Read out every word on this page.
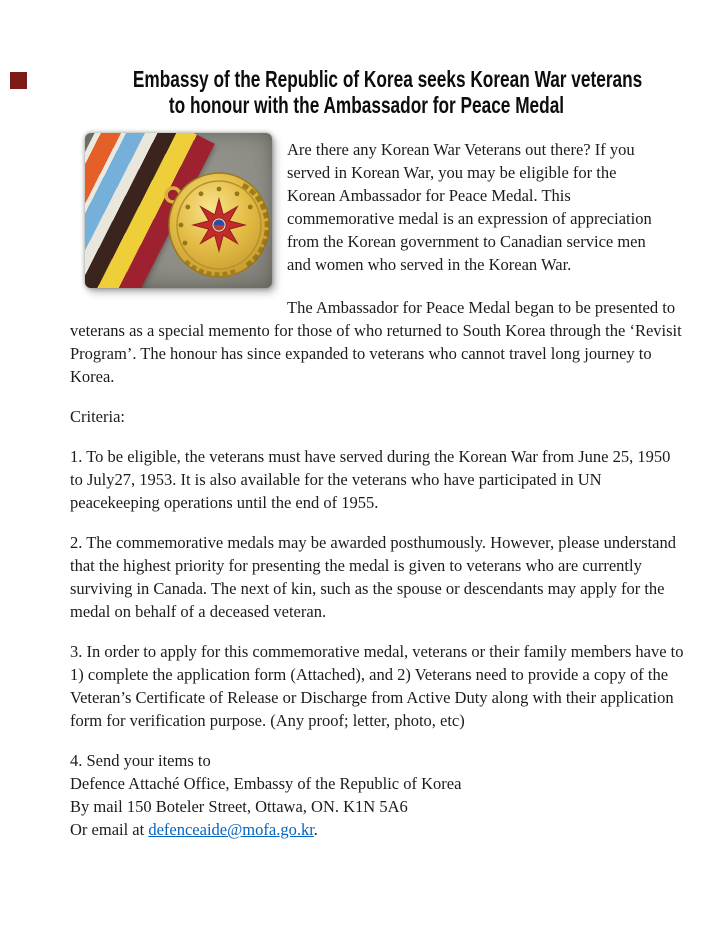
Embassy of the Republic of Korea seeks Korean War veterans
to honour with the Ambassador for Peace Medal

Are there any Korean War Veterans out there? If you served in Korean War, you may be eligible for the Korean Ambassador for Peace Medal. This commemorative medal is an expression of appreciation from the Korean government to Canadian service men and women who served in the Korean War.

The Ambassador for Peace Medal began to be presented to veterans as a special memento for those of who returned to South Korea through the ‘Revisit Program’. The honour has since expanded to veterans who cannot travel long journey to Korea.

Criteria:

1. To be eligible, the veterans must have served during the Korean War from June 25, 1950 to July27, 1953. It is also available for the veterans who have participated in UN peacekeeping operations until the end of 1955.

2. The commemorative medals may be awarded posthumously. However, please understand that the highest priority for presenting the medal is given to veterans who are currently surviving in Canada. The next of kin, such as the spouse or descendants may apply for the medal on behalf of a deceased veteran.

3. In order to apply for this commemorative medal, veterans or their family members have to 1) complete the application form (Attached), and 2) Veterans need to provide a copy of the Veteran’s Certificate of Release or Discharge from Active Duty along with their application form for verification purpose. (Any proof; letter, photo, etc)

4. Send your items to

Defence Attaché Office, Embassy of the Republic of Korea

By mail 150 Boteler Street, Ottawa, ON. K1N 5A6

Or email at defenceaide@mofa.go.kr.
